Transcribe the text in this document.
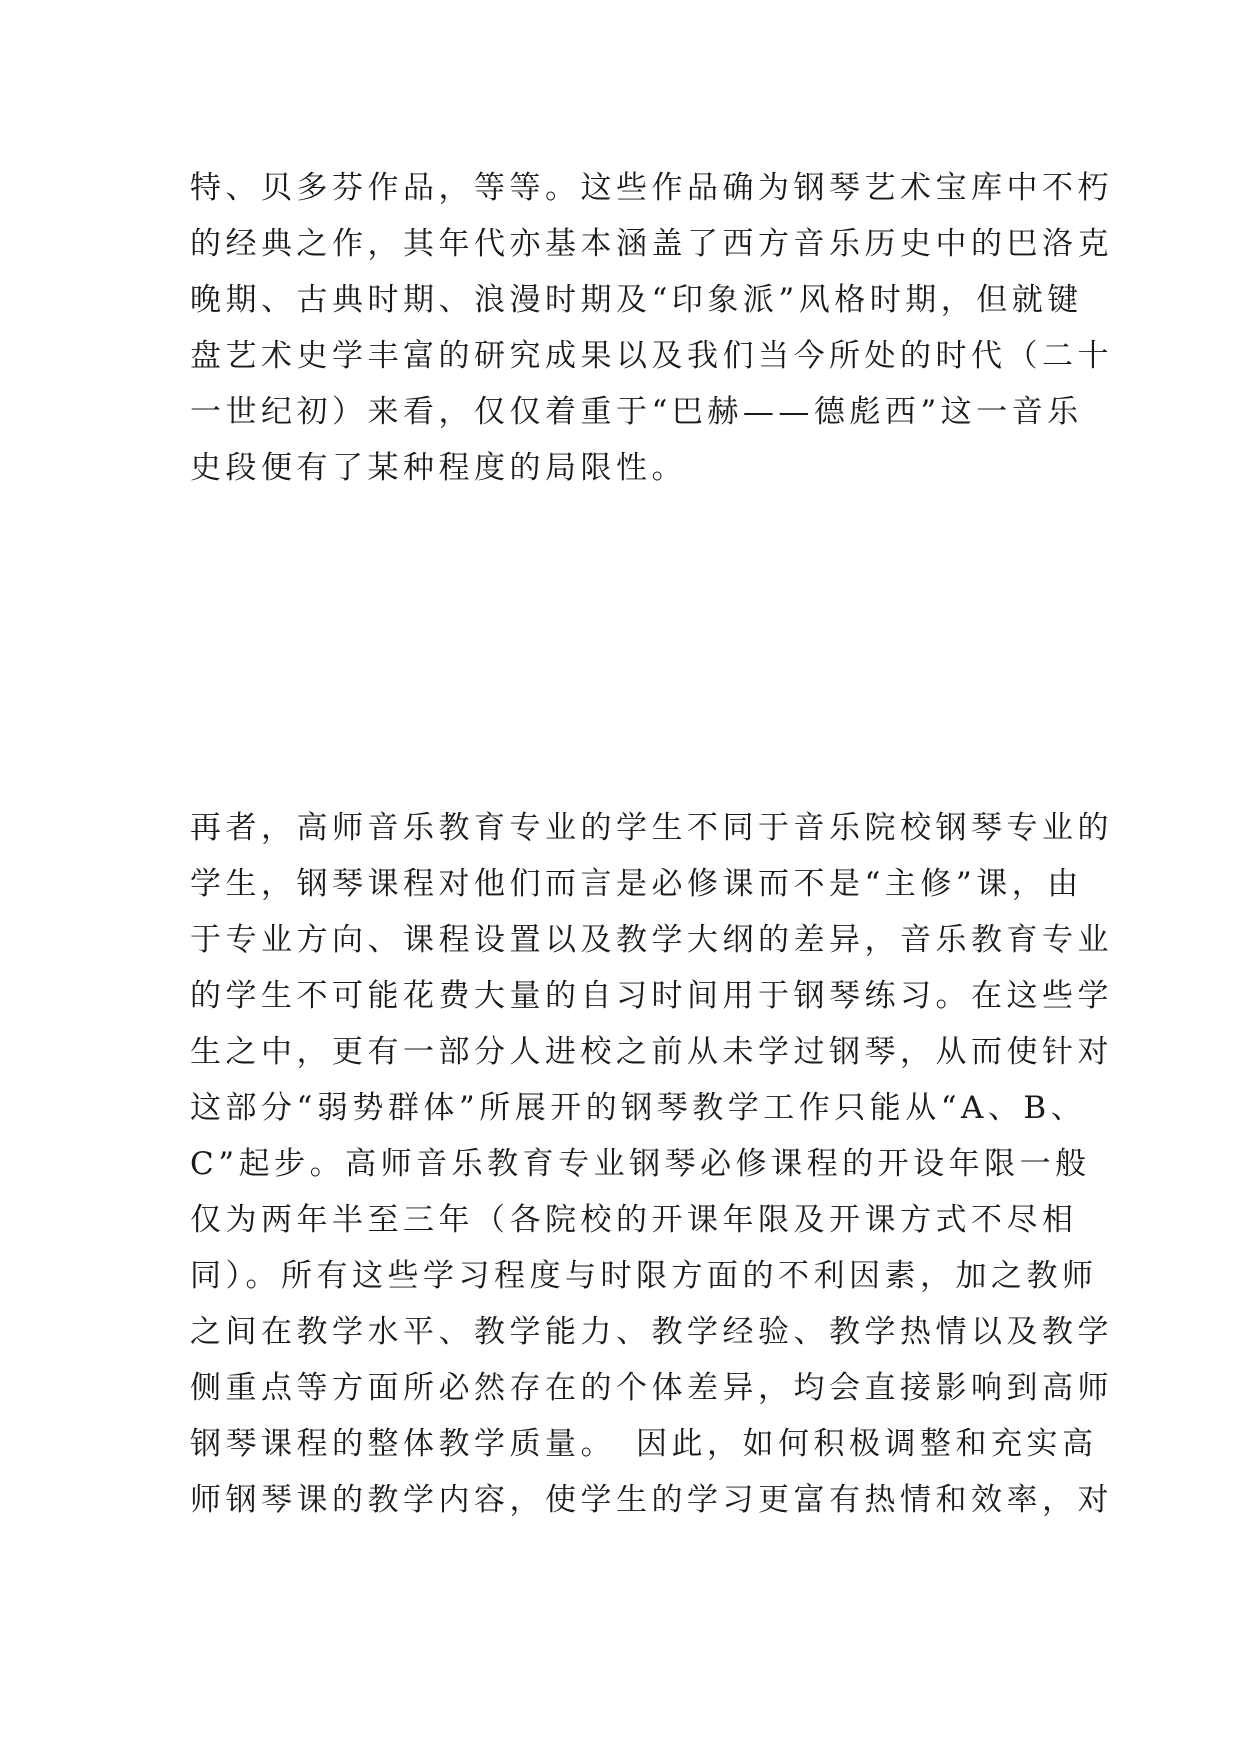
特、贝多芬作品，等等。这些作品确为钢琴艺术宝库中不朽
的经典之作，其年代亦基本涵盖了西方音乐历史中的巴洛克
晚期、古典时期、浪漫时期及“印象派”风格时期，但就键
盘艺术史学丰富的研究成果以及我们当今所处的时代（二十
一世纪初）来看，仅仅着重于“巴赫——德彪西”这一音乐
史段便有了某种程度的局限性。
再者，高师音乐教育专业的学生不同于音乐院校钢琴专业的
学生，钢琴课程对他们而言是必修课而不是“主修”课，由
于专业方向、课程设置以及教学大纲的差异，音乐教育专业
的学生不可能花费大量的自习时间用于钢琴练习。在这些学
生之中，更有一部分人进校之前从未学过钢琴，从而使针对
这部分“弱势群体”所展开的钢琴教学工作只能从“A、B、
C”起步。高师音乐教育专业钢琴必修课程的开设年限一般
仅为两年半至三年（各院校的开课年限及开课方式不尽相
同）。所有这些学习程度与时限方面的不利因素，加之教师
之间在教学水平、教学能力、教学经验、教学热情以及教学
侧重点等方面所必然存在的个体差异，均会直接影响到高师
钢琴课程的整体教学质量。　因此，如何积极调整和充实高
师钢琴课的教学内容，使学生的学习更富有热情和效率，对
